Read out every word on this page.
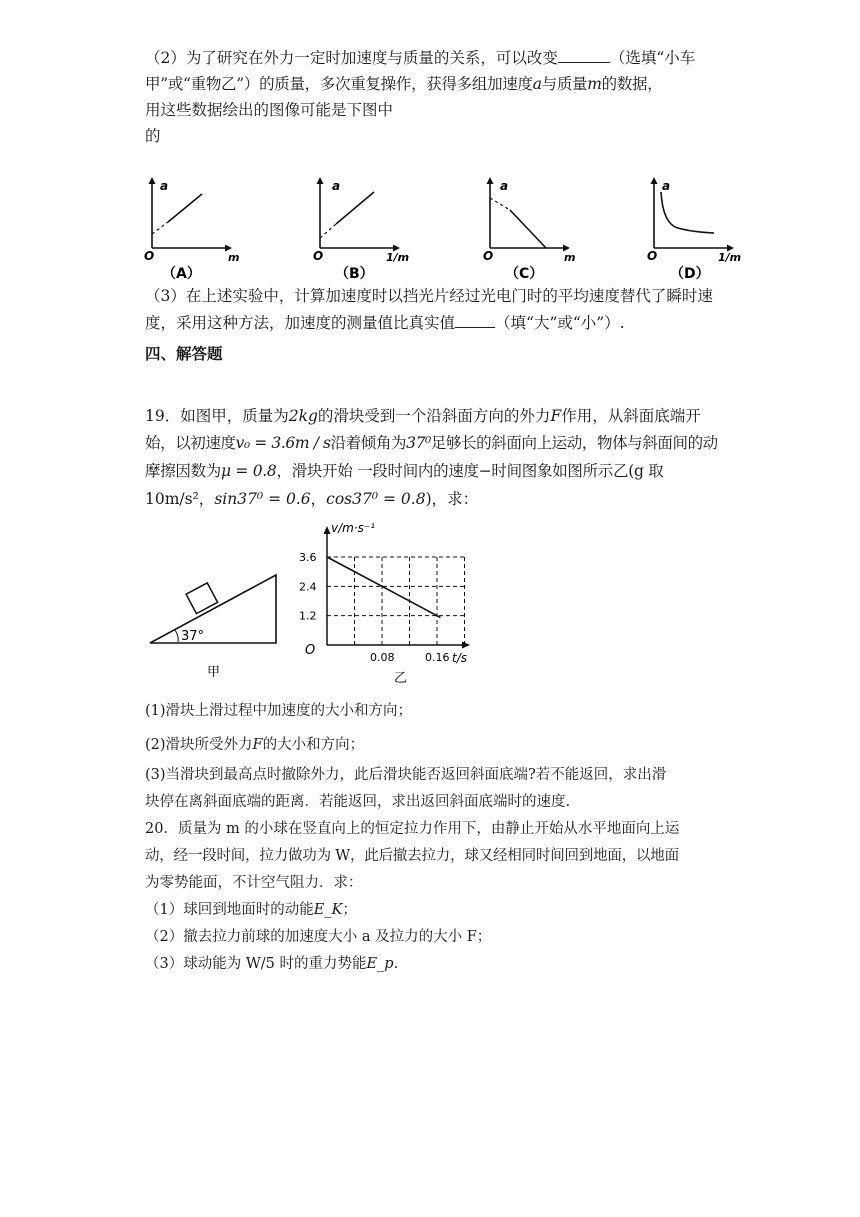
（2）为了研究在外力一定时加速度与质量的关系，可以改变	（选填“小车

甲”或“重物乙”）的质量，多次重复操作，获得多组加速度a与质量m的数据，

用这些数据绘出的图像可能是下图中

的

a
O	m
a
O	1/m
a
O	m
a
O	1/m
（A）	（B）	（C）	（D）

（3）在上述实验中，计算加速度时以挡光片经过光电门时的平均速度替代了瞬时速

度，采用这种方法，加速度的测量值比真实值	（填“大”或“小”）.

四、解答题

19．如图甲，质量为2kg的滑块受到一个沿斜面方向的外力F作用，从斜面底端开

始，以初速度v₀ = 3.6m / s沿着倾角为37⁰足够长的斜面向上运动，物体与斜面间的动

摩擦因数为μ = 0.8，滑块开始 一段时间内的速度−时间图象如图所示乙(g 取

10m/s²，sin37⁰ = 0.6，cos37⁰ = 0.8)，求：

37°
甲
1.2
2.4
3.6
0.08	0.16
v/m·s⁻¹
t/s
O
乙

(1)滑块上滑过程中加速度的大小和方向；

(2)滑块所受外力F的大小和方向；

(3)当滑块到最高点时撤除外力，此后滑块能否返回斜面底端?若不能返回，求出滑

块停在离斜面底端的距离．若能返回，求出返回斜面底端时的速度.

20．质量为 m 的小球在竖直向上的恒定拉力作用下，由静止开始从水平地面向上运

动，经一段时间，拉力做功为 W，此后撤去拉力，球又经相同时间回到地面，以地面

为零势能面，不计空气阻力．求：

（1）球回到地面时的动能E_K；

（2）撤去拉力前球的加速度大小 a 及拉力的大小 F；

（3）球动能为 W/5 时的重力势能E_p.
